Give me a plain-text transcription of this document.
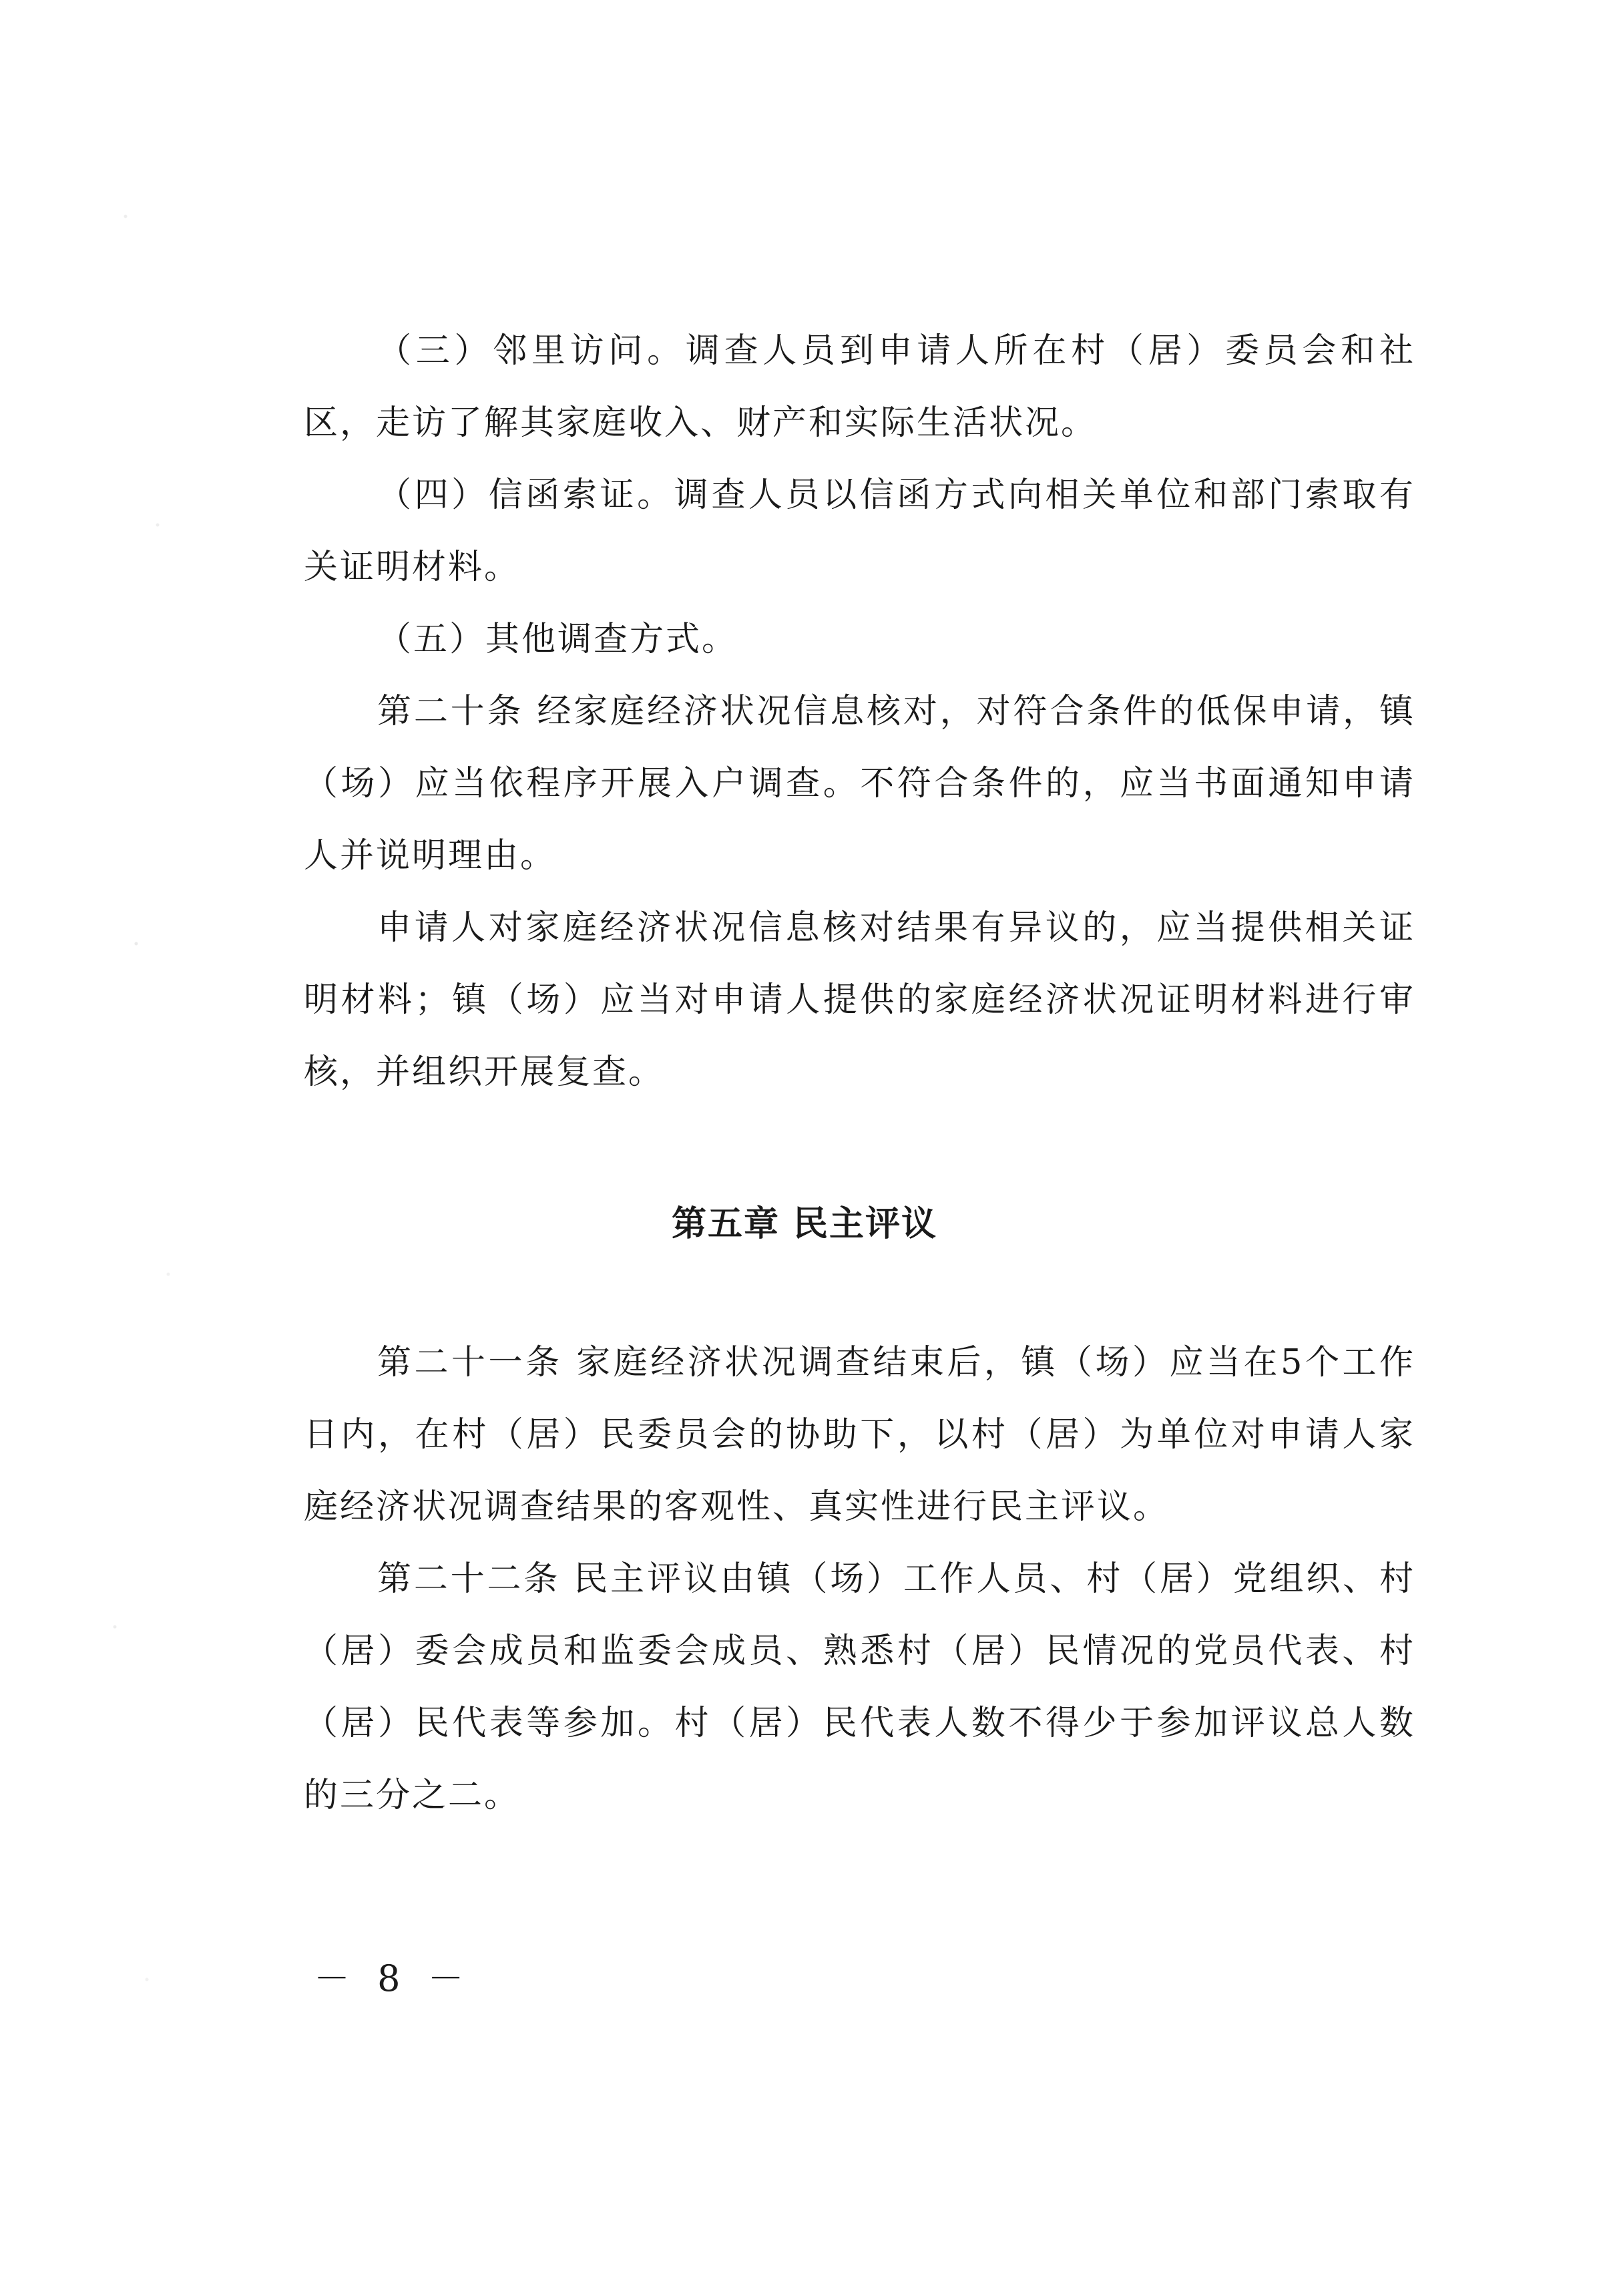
（三）邻里访问。调查人员到申请人所在村（居）委员会和社区，走访了解其家庭收入、财产和实际生活状况。

（四）信函索证。调查人员以信函方式向相关单位和部门索取有关证明材料。

（五）其他调查方式。

第二十条 经家庭经济状况信息核对，对符合条件的低保申请，镇（场）应当依程序开展入户调查。不符合条件的，应当书面通知申请人并说明理由。

申请人对家庭经济状况信息核对结果有异议的，应当提供相关证明材料；镇（场）应当对申请人提供的家庭经济状况证明材料进行审核，并组织开展复查。

第五章 民主评议

第二十一条 家庭经济状况调查结束后，镇（场）应当在5个工作日内，在村（居）民委员会的协助下，以村（居）为单位对申请人家庭经济状况调查结果的客观性、真实性进行民主评议。

第二十二条 民主评议由镇（场）工作人员、村（居）党组织、村（居）委会成员和监委会成员、熟悉村（居）民情况的党员代表、村（居）民代表等参加。村（居）民代表人数不得少于参加评议总人数的三分之二。

－ 8 －
